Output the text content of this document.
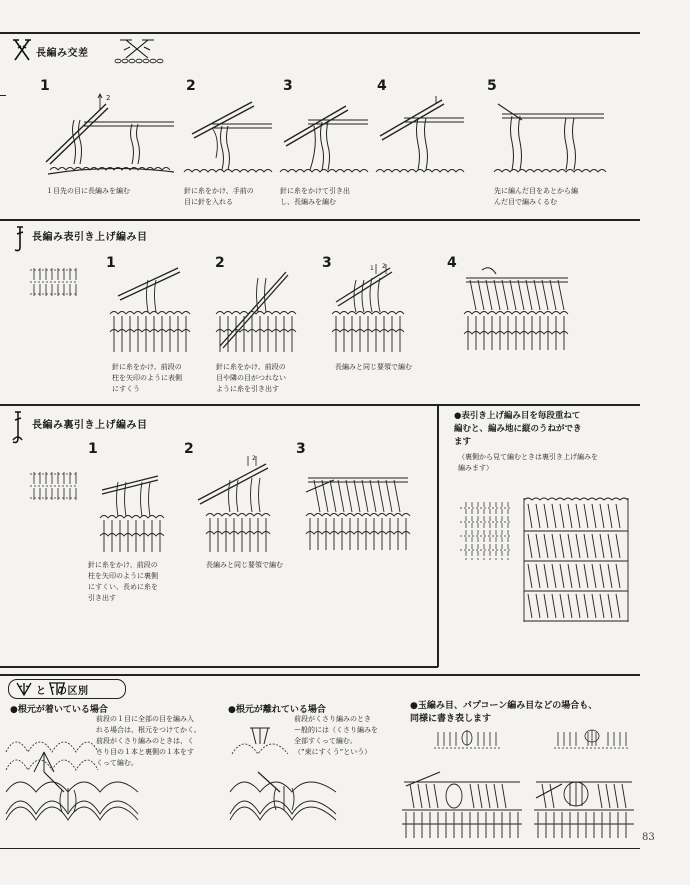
長編み交差
1	2	3	4	5
2
１目先の目に長編みを編む	針に糸をかけ、手前の
目に針を入れる
針に糸をかけて引き出
し、長編みを編む
先に編んだ目をあとから編
んだ目で編みくるむ
長編み表引き上げ編み目
1	2	3	4
1 2
針に糸をかけ、前段の
柱を矢印のように表側
にすくう
針に糸をかけ、前段の
目や隣の目がつれない
ように糸を引き出す
長編みと同じ要領で編む
長編み裏引き上げ編み目
1	2	3
2
針に糸をかけ、前段の
柱を矢印のように裏側
にすくい、長めに糸を
引き出す
長編みと同じ要領で編む
●表引き上げ編み目を毎段重ねて
編むと、編み地に縦のうねができ
ます
（裏側から見て編むときは裏引き上げ編みを
編みます）
と　の区別
●根元が着いている場合
前段の１目に全部の目を編み入
れる場合は、根元をつけてかく。
前段がくさり編みのときは、く
さり目の１本と裏側の１本をす
くって編む。
●根元が離れている場合
前段がくさり編みのとき
ー般的には（くさり編みを
全部すくって編む。
（”束にすくう”という）
●玉編み目、パプコーン編み目などの場合も、
同様に書き表します
83
